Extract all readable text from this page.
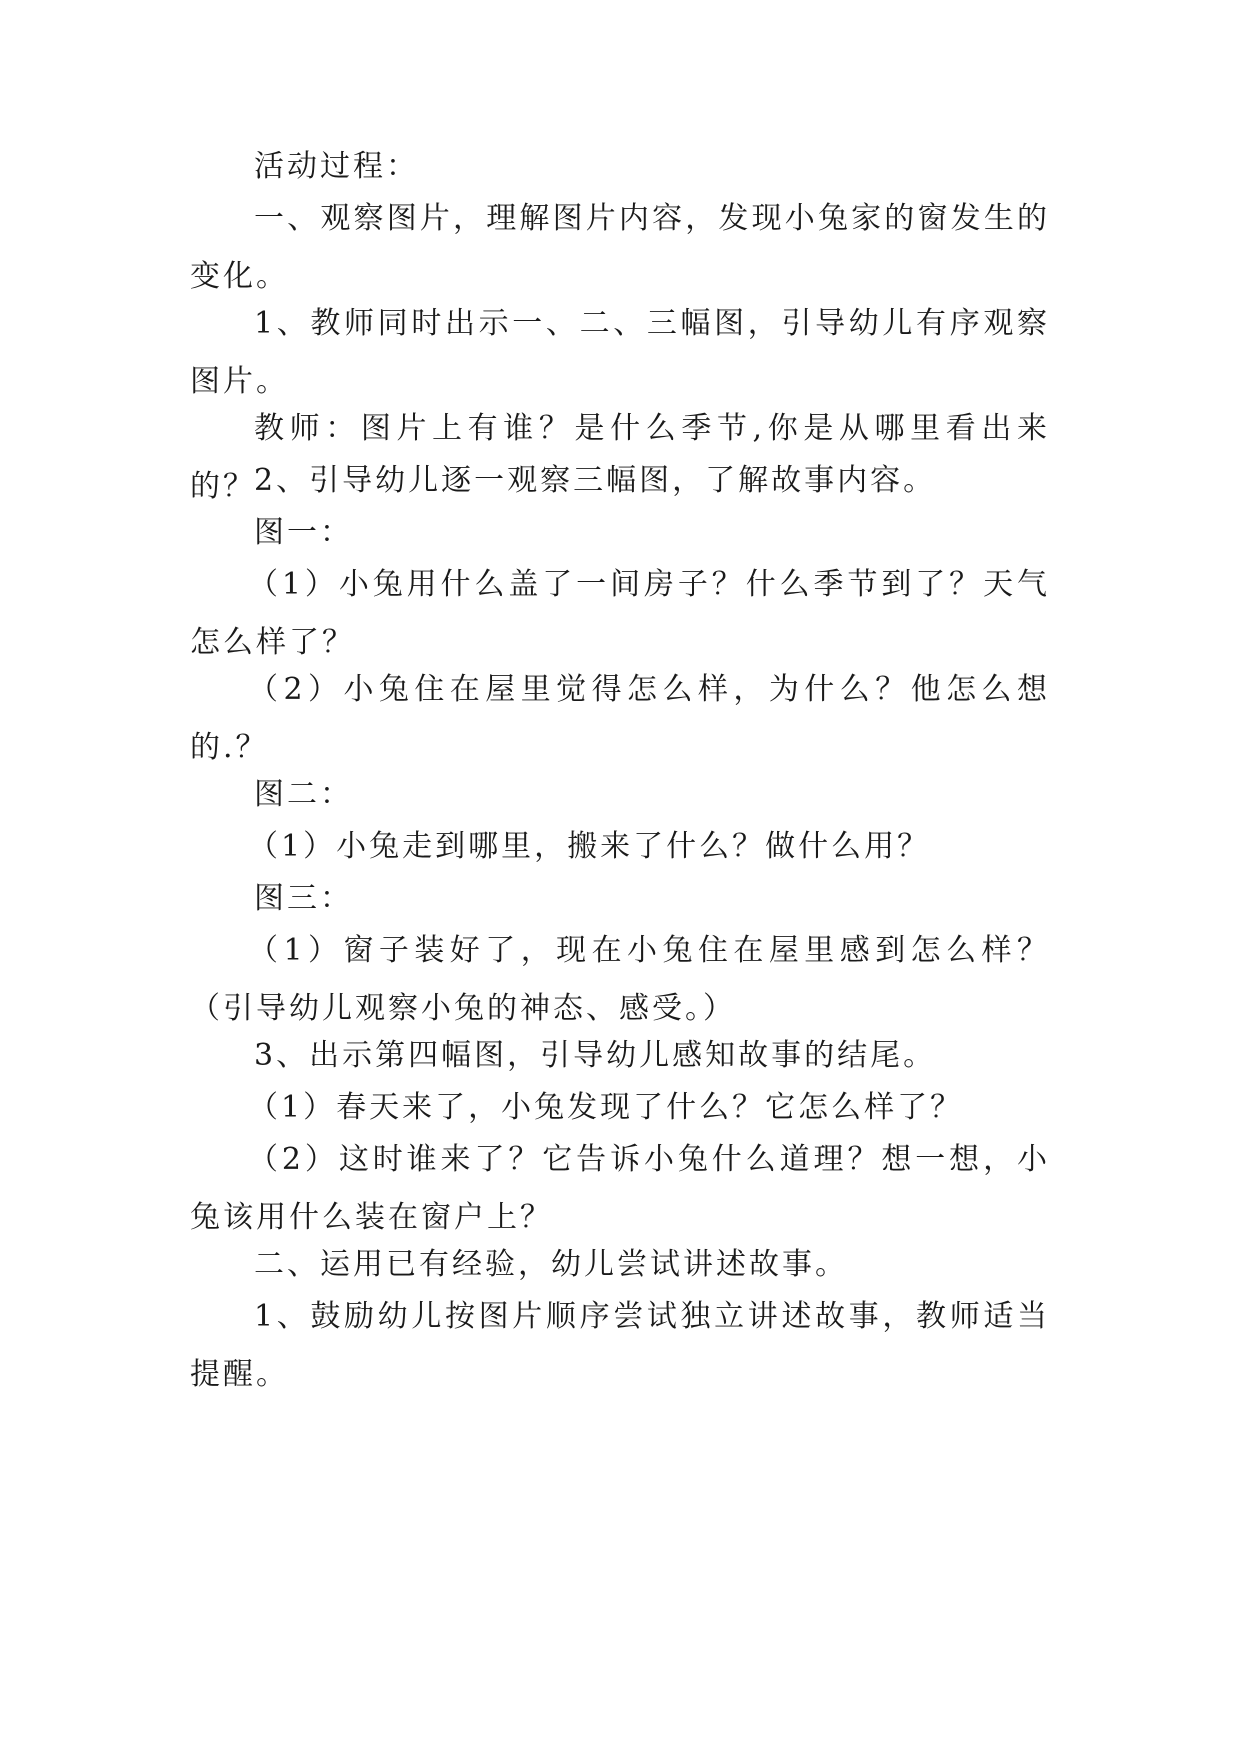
活动过程：

一、观察图片，理解图片内容，发现小兔家的窗发生的变化。

1、教师同时出示一、二、三幅图，引导幼儿有序观察图片。

教师：图片上有谁？是什么季节,你是从哪里看出来的？

2、引导幼儿逐一观察三幅图，了解故事内容。

图一：

（1）小兔用什么盖了一间房子？什么季节到了？天气怎么样了？

（2）小兔住在屋里觉得怎么样，为什么？他怎么想的.？

图二：

（1）小兔走到哪里，搬来了什么？做什么用？

图三：

（1）窗子装好了，现在小兔住在屋里感到怎么样？（引导幼儿观察小兔的神态、感受。）

3、出示第四幅图，引导幼儿感知故事的结尾。

（1）春天来了，小兔发现了什么？它怎么样了？

（2）这时谁来了？它告诉小兔什么道理？想一想，小兔该用什么装在窗户上？

二、运用已有经验，幼儿尝试讲述故事。

1、鼓励幼儿按图片顺序尝试独立讲述故事，教师适当提醒。
